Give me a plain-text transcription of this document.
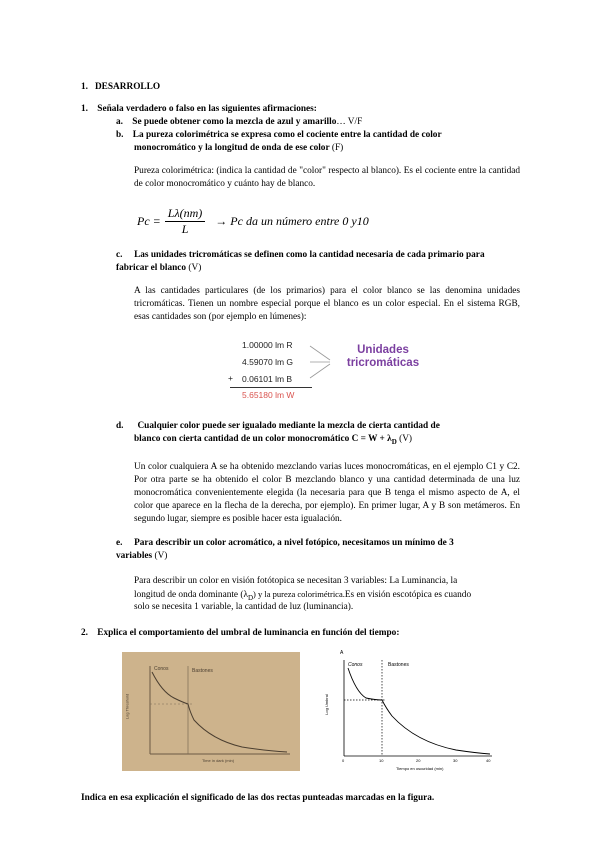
1. DESARROLLO
1. Señala verdadero o falso en las siguientes afirmaciones:
a. Se puede obtener como la mezcla de azul y amarillo… V/F
b. La pureza colorimétrica se expresa como el cociente entre la cantidad de color
monocromático y la longitud de onda de ese color (F)
Pureza colorimétrica: (indica la cantidad de "color" respecto al blanco). Es el cociente entre la cantidad de color monocromático y cuánto hay de blanco.
$Pc = \frac{L\lambda(nm)}{L} \to Pc$ da un número entre 0 y10
c. Las unidades tricromáticas se definen como la cantidad necesaria de cada primario para
fabricar el blanco (V)
A las cantidades particulares (de los primarios) para el color blanco se las denomina unidades tricromáticas. Tienen un nombre especial porque el blanco es un color especial. En el sistema RGB, esas cantidades son (por ejemplo en lúmenes):
1.00000 lm R
4.59070 lm G
+ 0.06101 lm B
5.65180 lm W
Unidades
tricromáticas
d. Cualquier color puede ser igualado mediante la mezcla de cierta cantidad de
blanco con cierta cantidad de un color monocromático $C = W + \lambda_D$ (V)
Un color cualquiera A se ha obtenido mezclando varias luces monocromáticas, en el ejemplo C1 y C2. Por otra parte se ha obtenido el color B mezclando blanco y una cantidad determinada de una luz monocromática convenientemente elegida (la necesaria para que B tenga el mismo aspecto de A, el color que aparece en la flecha de la derecha, por ejemplo). En primer lugar, A y B son metámeros. En segundo lugar, siempre es posible hacer esta igualación.
e. Para describir un color acromático, a nivel fotópico, necesitamos un mínimo de 3
variables (V)
Para describir un color en visión fotótopica se necesitan 3 variables: La Luminancia, la
longitud de onda dominante $(\lambda_D)$ y la pureza colorimétrica.Es en visión escotópica es cuando
solo se necesita 1 variable, la cantidad de luz (luminancia).
2. Explica el comportamiento del umbral de luminancia en función del tiempo:
Conos	Bastones
Log Threshold
Time in dark (min)
A
Conos	Bastones
Log Umbral
0	10	20	30	40
Tiempo en oscuridad (min)
Indica en esa explicación el significado de las dos rectas punteadas marcadas en la figura.
